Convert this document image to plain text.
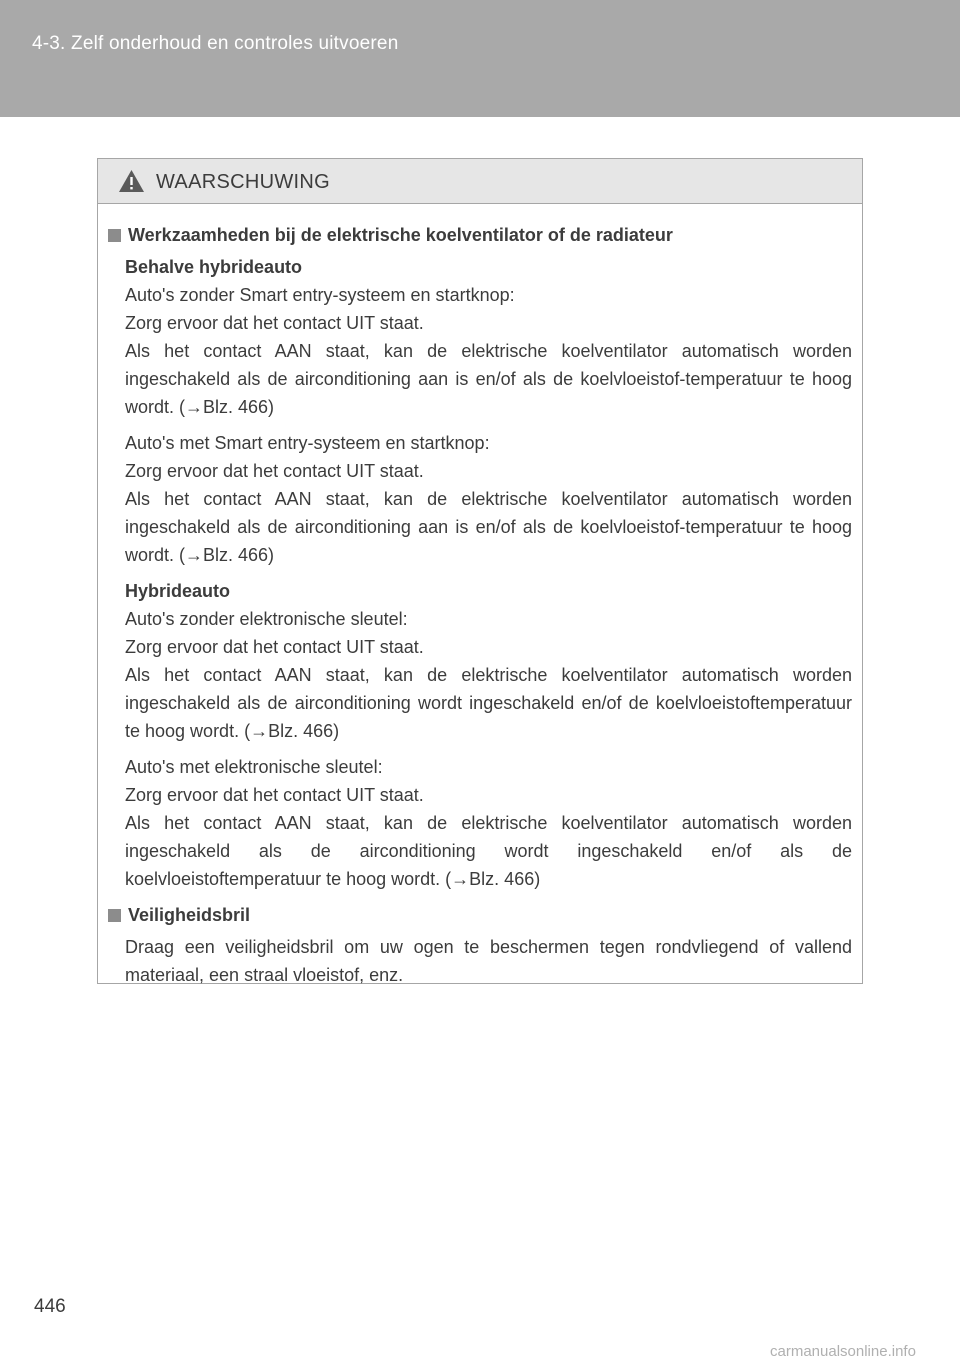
4-3. Zelf onderhoud en controles uitvoeren
WAARSCHUWING
Werkzaamheden bij de elektrische koelventilator of de radiateur
Behalve hybrideauto
Auto's zonder Smart entry-systeem en startknop:
Zorg ervoor dat het contact UIT staat.
Als het contact AAN staat, kan de elektrische koelventilator automatisch worden ingeschakeld als de airconditioning aan is en/of als de koelvloeistof-temperatuur te hoog wordt. (→Blz. 466)
Auto's met Smart entry-systeem en startknop:
Zorg ervoor dat het contact UIT staat.
Als het contact AAN staat, kan de elektrische koelventilator automatisch worden ingeschakeld als de airconditioning aan is en/of als de koelvloeistof-temperatuur te hoog wordt. (→Blz. 466)
Hybrideauto
Auto's zonder elektronische sleutel:
Zorg ervoor dat het contact UIT staat.
Als het contact AAN staat, kan de elektrische koelventilator automatisch worden ingeschakeld als de airconditioning wordt ingeschakeld en/of de koelvloeistoftemperatuur te hoog wordt. (→Blz. 466)
Auto's met elektronische sleutel:
Zorg ervoor dat het contact UIT staat.
Als het contact AAN staat, kan de elektrische koelventilator automatisch worden ingeschakeld als de airconditioning wordt ingeschakeld en/of als de koelvloeistoftemperatuur te hoog wordt. (→Blz. 466)
Veiligheidsbril
Draag een veiligheidsbril om uw ogen te beschermen tegen rondvliegend of vallend materiaal, een straal vloeistof, enz.
446
carmanualsonline.info
